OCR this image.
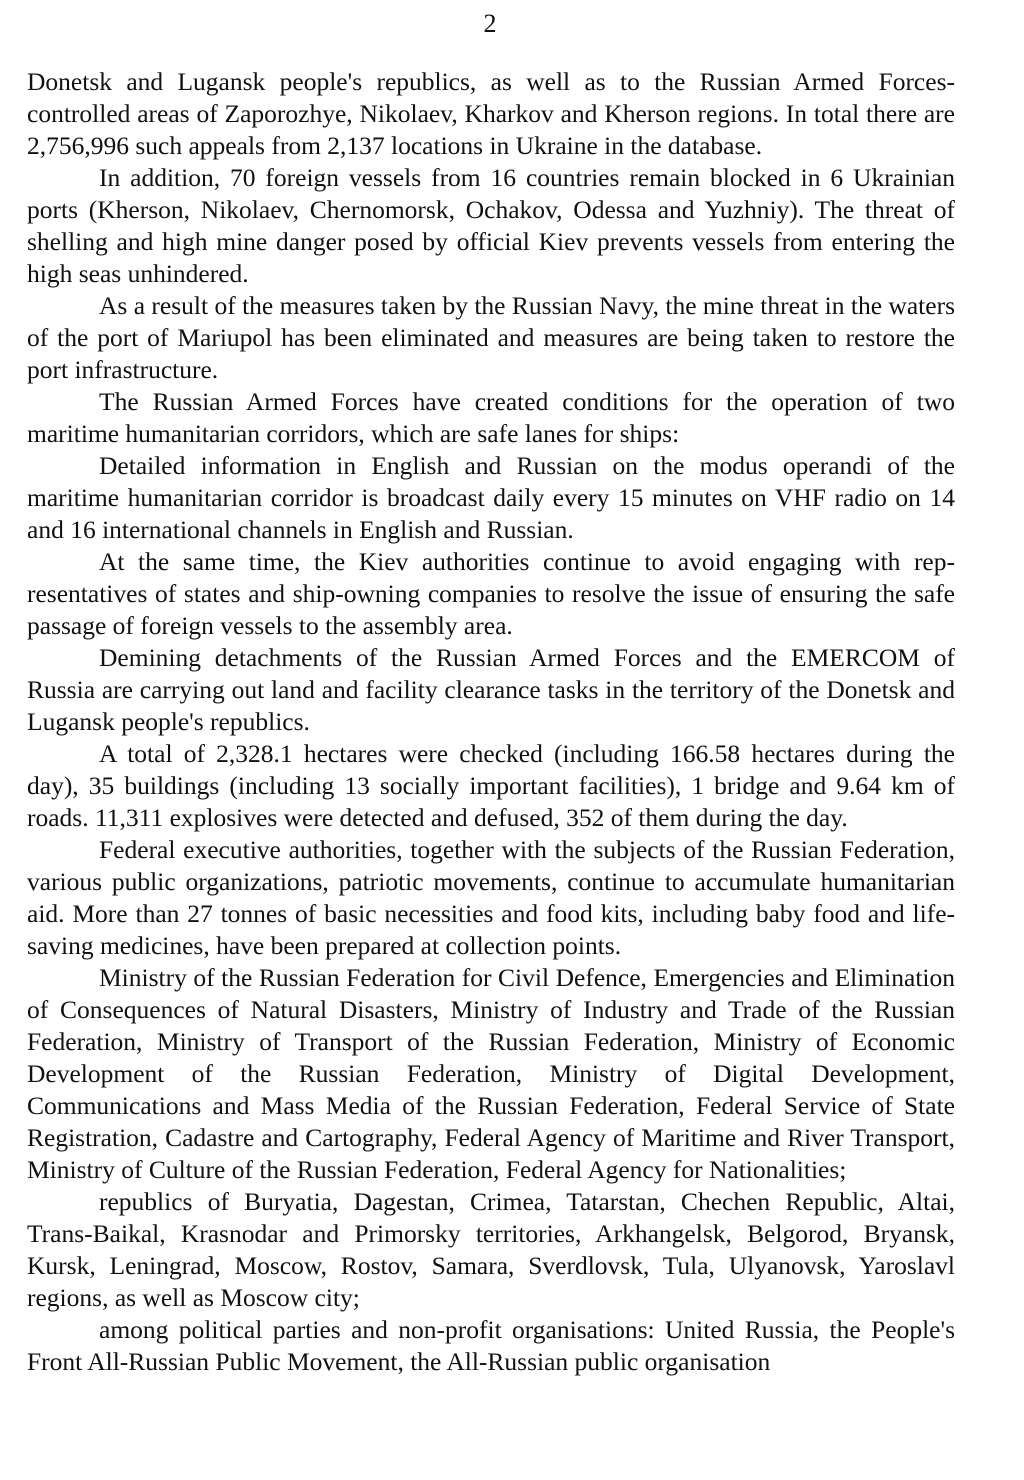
2

Donetsk and Lugansk people's republics, as well as to the Russian Armed Forces-controlled areas of Zaporozhye, Nikolaev, Kharkov and Kherson regions. In total there are 2,756,996 such appeals from 2,137 locations in Ukraine in the database.

In addition, 70 foreign vessels from 16 countries remain blocked in 6 Ukrainian ports (Kherson, Nikolaev, Chernomorsk, Ochakov, Odessa and Yuzhniy). The threat of shelling and high mine danger posed by official Kiev prevents vessels from entering the high seas unhindered.

As a result of the measures taken by the Russian Navy, the mine threat in the waters of the port of Mariupol has been eliminated and measures are being taken to restore the port infrastructure.

The Russian Armed Forces have created conditions for the operation of two maritime humanitarian corridors, which are safe lanes for ships:

Detailed information in English and Russian on the modus operandi of the maritime humanitarian corridor is broadcast daily every 15 minutes on VHF radio on 14 and 16 international channels in English and Russian.

At the same time, the Kiev authorities continue to avoid engaging with representatives of states and ship-owning companies to resolve the issue of ensuring the safe passage of foreign vessels to the assembly area.

Demining detachments of the Russian Armed Forces and the EMERCOM of Russia are carrying out land and facility clearance tasks in the territory of the Donetsk and Lugansk people's republics.

A total of 2,328.1 hectares were checked (including 166.58 hectares during the day), 35 buildings (including 13 socially important facilities), 1 bridge and 9.64 km of roads. 11,311 explosives were detected and defused, 352 of them during the day.

Federal executive authorities, together with the subjects of the Russian Federation, various public organizations, patriotic movements, continue to accumulate humanitarian aid. More than 27 tonnes of basic necessities and food kits, including baby food and life-saving medicines, have been prepared at collection points.

Ministry of the Russian Federation for Civil Defence, Emergencies and Elimination of Consequences of Natural Disasters, Ministry of Industry and Trade of the Russian Federation, Ministry of Transport of the Russian Federation, Ministry of Economic Development of the Russian Federation, Ministry of Digital Development, Communications and Mass Media of the Russian Federation, Federal Service of State Registration, Cadastre and Cartography, Federal Agency of Maritime and River Transport, Ministry of Culture of the Russian Federation, Federal Agency for Nationalities;

republics of Buryatia, Dagestan, Crimea, Tatarstan, Chechen Republic, Altai, Trans-Baikal, Krasnodar and Primorsky territories, Arkhangelsk, Belgorod, Bryansk, Kursk, Leningrad, Moscow, Rostov, Samara, Sverdlovsk, Tula, Ulyanovsk, Yaroslavl regions, as well as Moscow city;

among political parties and non-profit organisations: United Russia, the People's Front All-Russian Public Movement, the All-Russian public organisation
